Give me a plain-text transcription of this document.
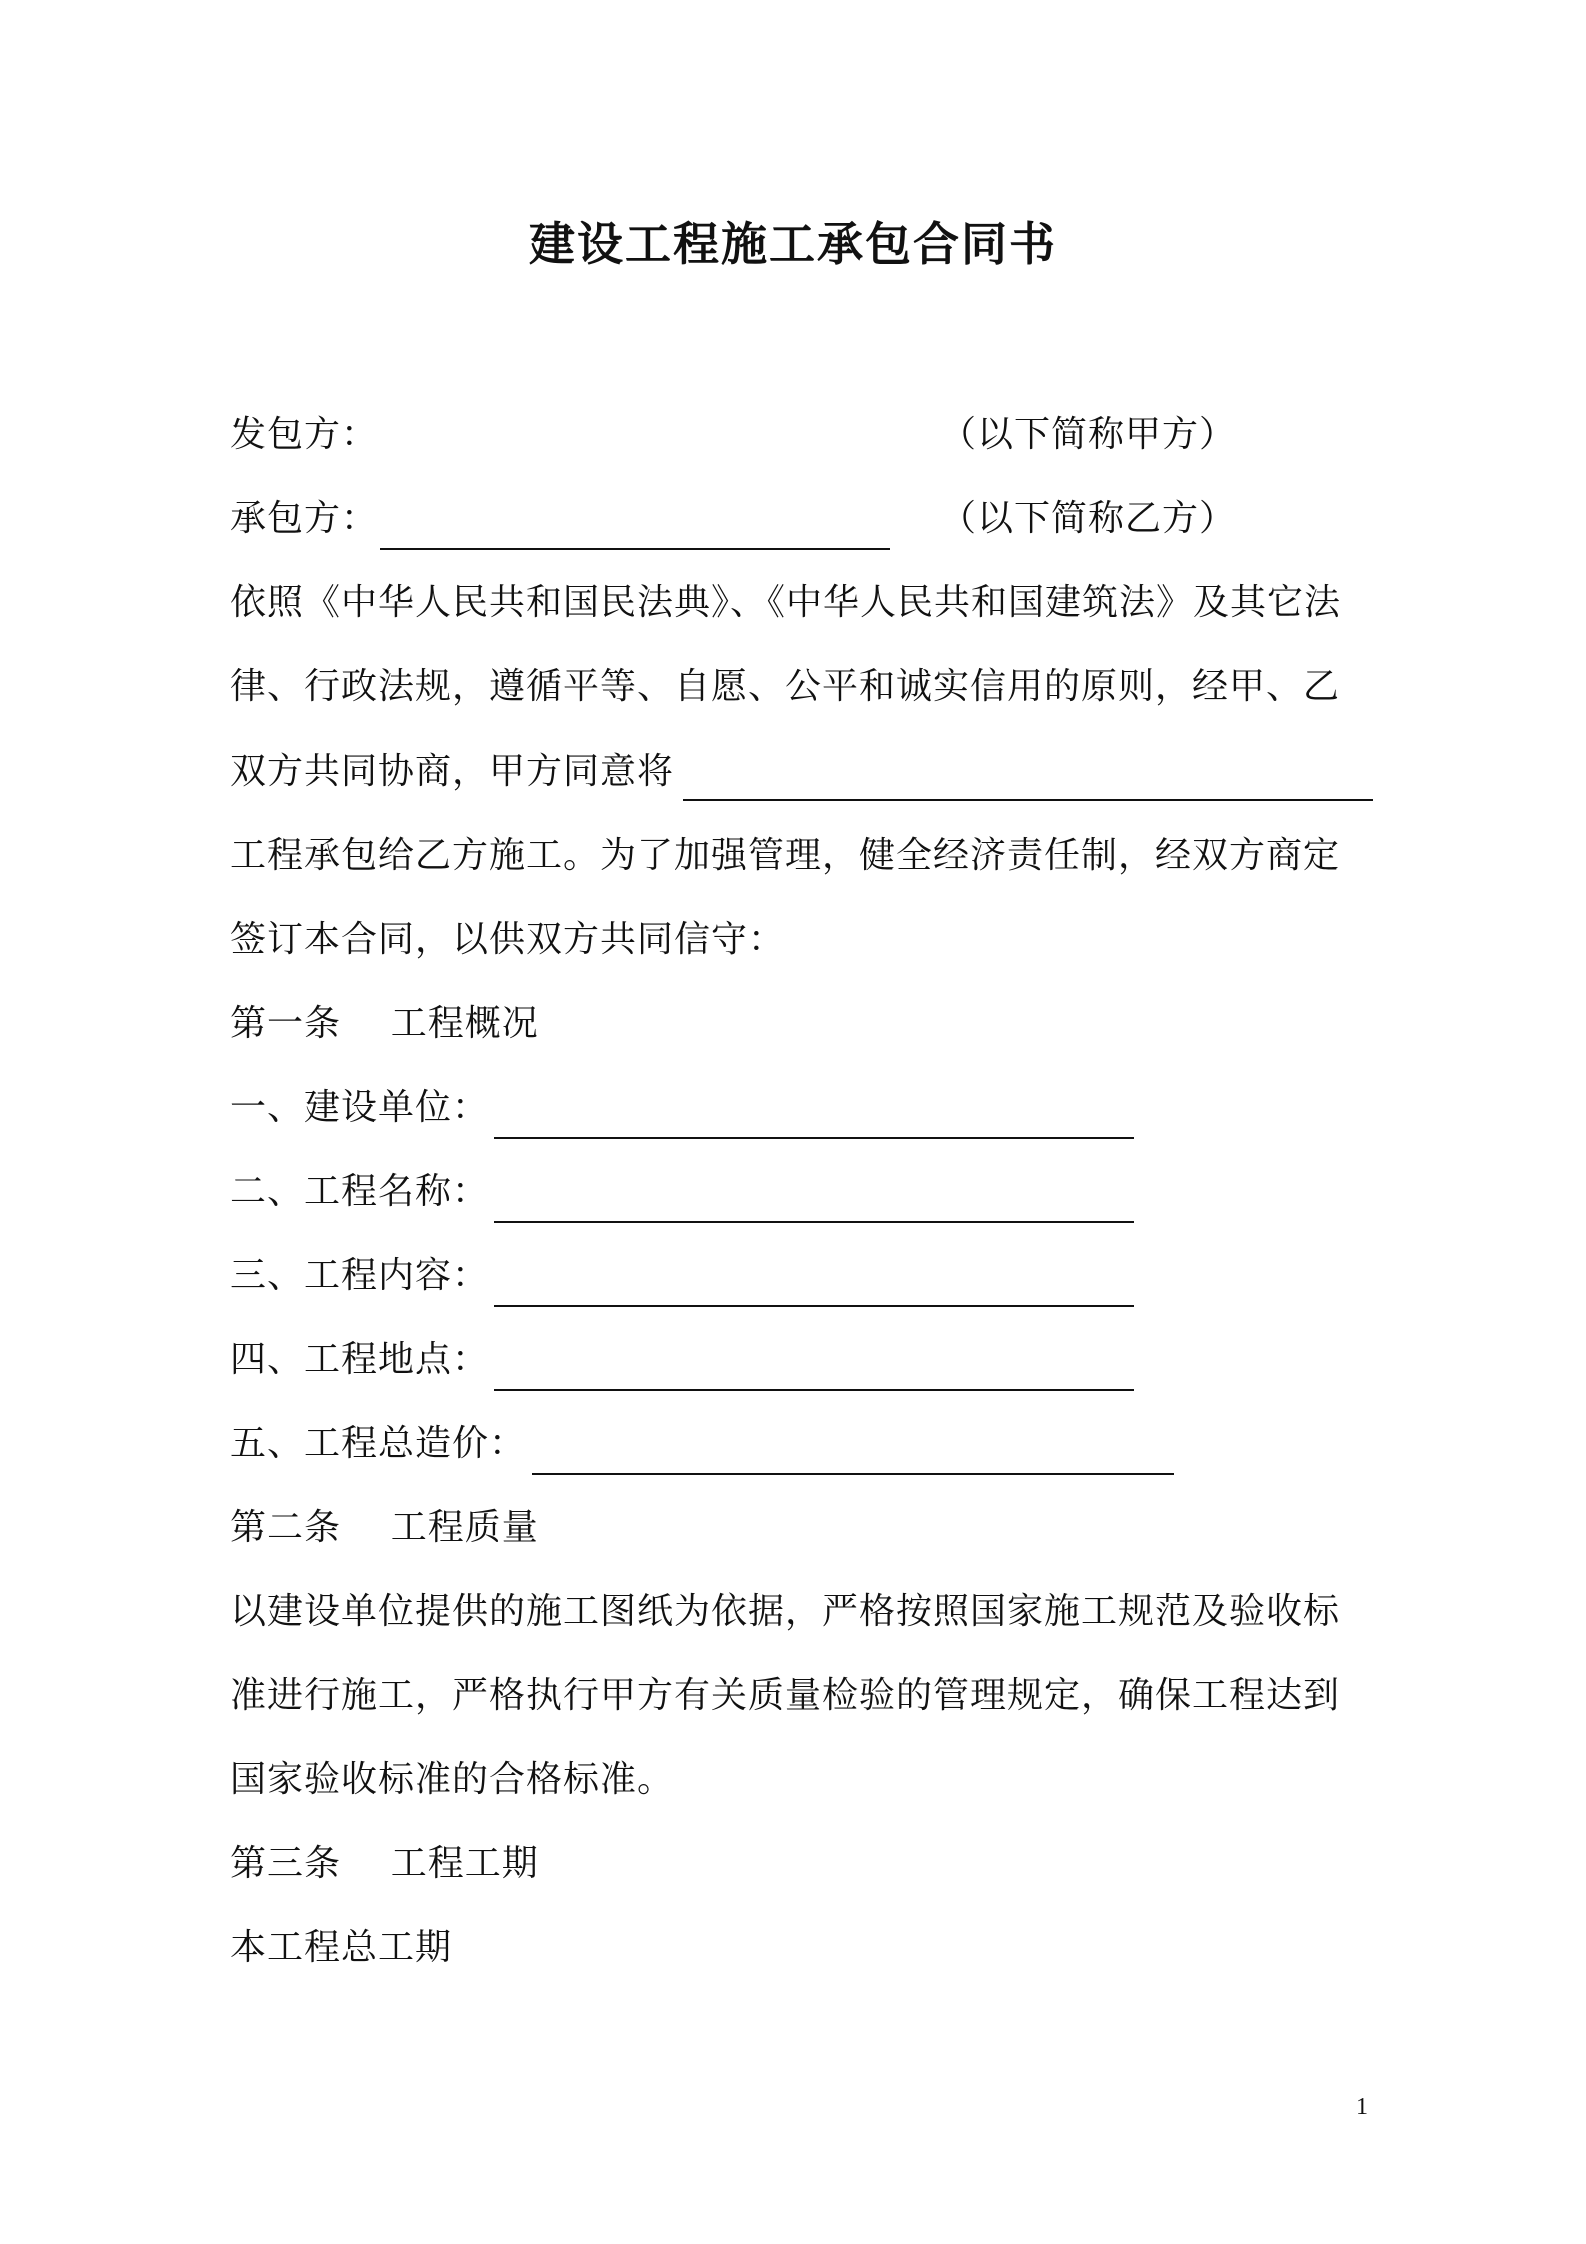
建设工程施工承包合同书
发包方：	（以下简称甲方）
承包方：	（以下简称乙方）
依照《中华人民共和国民法典》、《中华人民共和国建筑法》及其它法
律、行政法规，遵循平等、自愿、公平和诚实信用的原则，经甲、乙
双方共同协商，甲方同意将
工程承包给乙方施工。为了加强管理，健全经济责任制，经双方商定
签订本合同，以供双方共同信守：
第一条    工程概况
一、建设单位：
二、工程名称：
三、工程内容：
四、工程地点：
五、工程总造价：
第二条    工程质量
以建设单位提供的施工图纸为依据，严格按照国家施工规范及验收标
准进行施工，严格执行甲方有关质量检验的管理规定，确保工程达到
国家验收标准的合格标准。
第三条    工程工期
本工程总工期
1
